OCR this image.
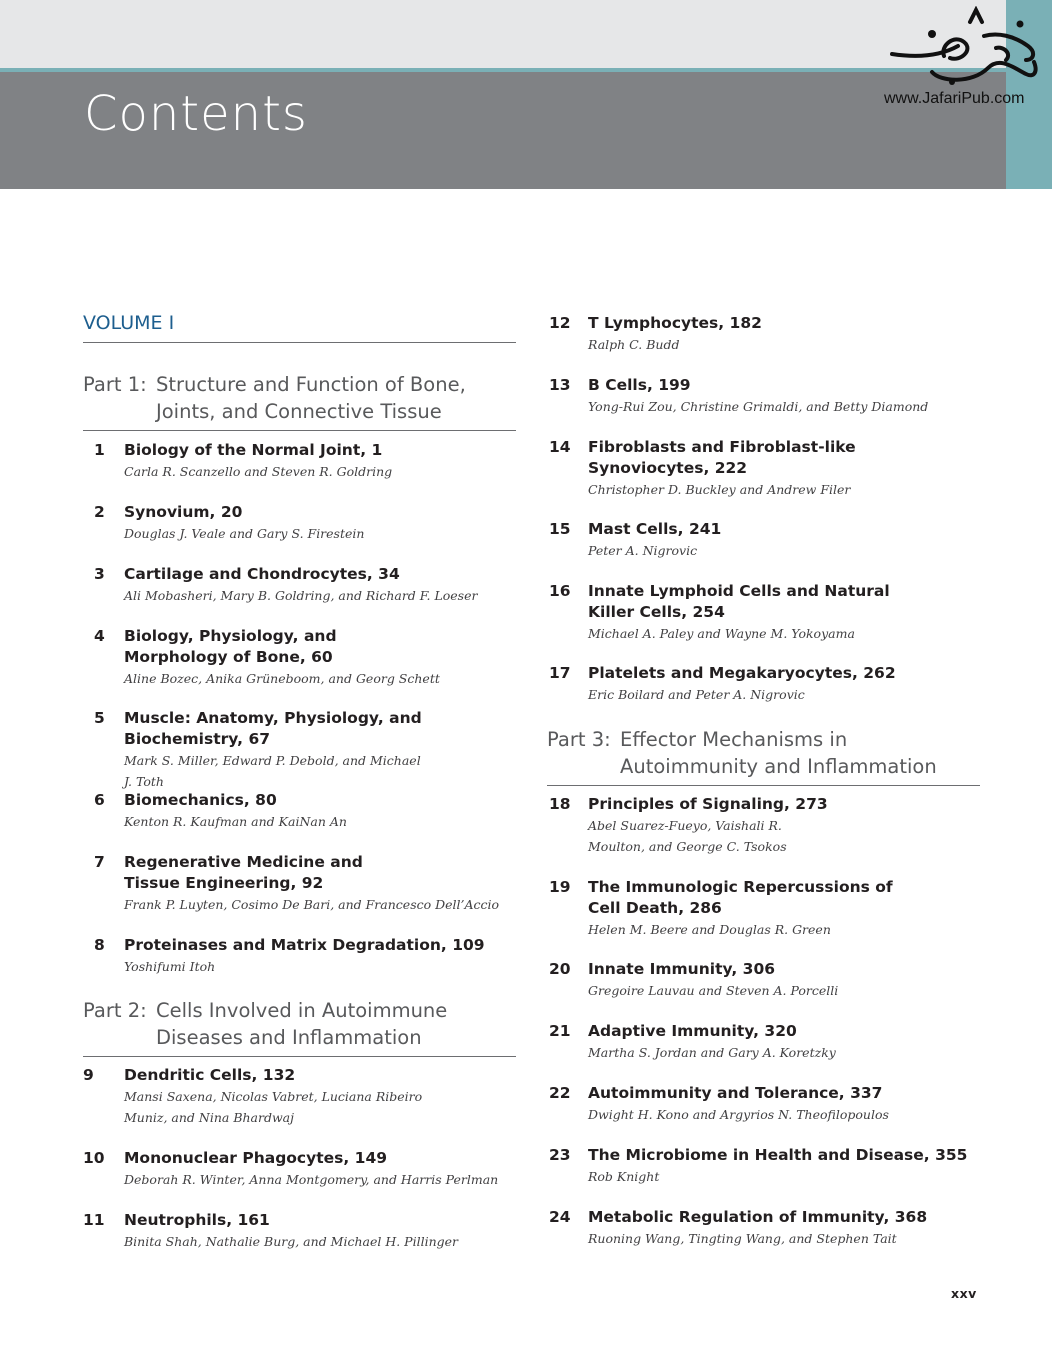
Contents	www.JafariPub.com
VOLUME I
Part 1: Structure and Function of Bone, Joints, and Connective Tissue
1 Biology of the Normal Joint, 1
Carla R. Scanzello and Steven R. Goldring
2 Synovium, 20
Douglas J. Veale and Gary S. Firestein
3 Cartilage and Chondrocytes, 34
Ali Mobasheri, Mary B. Goldring, and Richard F. Loeser
4 Biology, Physiology, and Morphology of Bone, 60
Aline Bozec, Anika Grüneboom, and Georg Schett
5 Muscle: Anatomy, Physiology, and Biochemistry, 67
Mark S. Miller, Edward P. Debold, and Michael J. Toth
6 Biomechanics, 80
Kenton R. Kaufman and KaiNan An
7 Regenerative Medicine and Tissue Engineering, 92
Frank P. Luyten, Cosimo De Bari, and Francesco Dell’Accio
8 Proteinases and Matrix Degradation, 109
Yoshifumi Itoh
Part 2: Cells Involved in Autoimmune Diseases and Inflammation
9 Dendritic Cells, 132
Mansi Saxena, Nicolas Vabret, Luciana Ribeiro Muniz, and Nina Bhardwaj
10 Mononuclear Phagocytes, 149
Deborah R. Winter, Anna Montgomery, and Harris Perlman
11 Neutrophils, 161
Binita Shah, Nathalie Burg, and Michael H. Pillinger
12 T Lymphocytes, 182
Ralph C. Budd
13 B Cells, 199
Yong-Rui Zou, Christine Grimaldi, and Betty Diamond
14 Fibroblasts and Fibroblast-like Synoviocytes, 222
Christopher D. Buckley and Andrew Filer
15 Mast Cells, 241
Peter A. Nigrovic
16 Innate Lymphoid Cells and Natural Killer Cells, 254
Michael A. Paley and Wayne M. Yokoyama
17 Platelets and Megakaryocytes, 262
Eric Boilard and Peter A. Nigrovic
Part 3: Effector Mechanisms in Autoimmunity and Inflammation
18 Principles of Signaling, 273
Abel Suarez-Fueyo, Vaishali R. Moulton, and George C. Tsokos
19 The Immunologic Repercussions of Cell Death, 286
Helen M. Beere and Douglas R. Green
20 Innate Immunity, 306
Gregoire Lauvau and Steven A. Porcelli
21 Adaptive Immunity, 320
Martha S. Jordan and Gary A. Koretzky
22 Autoimmunity and Tolerance, 337
Dwight H. Kono and Argyrios N. Theofilopoulos
23 The Microbiome in Health and Disease, 355
Rob Knight
24 Metabolic Regulation of Immunity, 368
Ruoning Wang, Tingting Wang, and Stephen Tait
xxv
